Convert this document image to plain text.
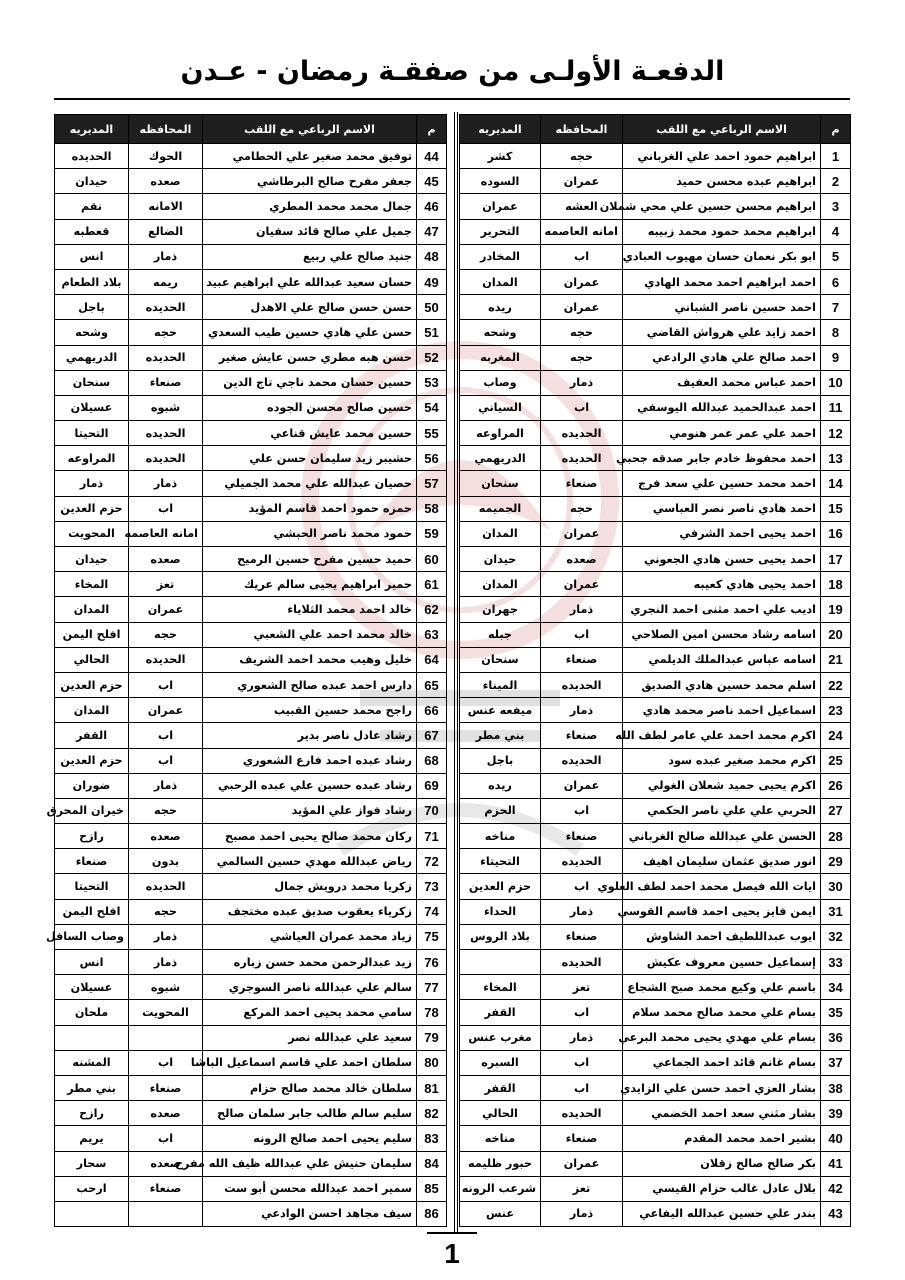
الدفعـة الأولـى من صفقـة رمضان - عـدن
م	الاسم الرباعي مع اللقب	المحافظه	المديريه
1	ابراهيم حمود احمد علي الغرباني	حجه	كشر
2	ابراهيم عبده محسن حميد	عمران	السوده
3	ابراهيم محسن حسين علي محي شملان	العشه	عمران
4	ابراهيم محمد حمود محمد زبيبه	امانه العاصمه	التحرير
5	ابو بكر نعمان حسان مهيوب العبادي	اب	المخادر
6	احمد ابراهيم احمد محمد الهادي	عمران	المدان
7	احمد حسين ناصر الشباني	عمران	ريده
8	احمد زايد علي هرواش القاضي	حجه	وشحه
9	احمد صالح علي هادي الرادعي	حجه	المغربه
10	احمد عباس محمد العفيف	ذمار	وصاب
11	احمد عبدالحميد عبدالله اليوسفي	اب	السياني
12	احمد علي عمر عمر هنومي	الحديده	المراوعه
13	احمد محفوظ خادم جابر صدقه جحبي	الحديده	الدريهمي
14	احمد محمد حسين علي سعد فرج	صنعاء	سنحان
15	احمد هادي ناصر نصر العباسي	حجه	الجميمه
16	احمد يحيى احمد الشرفي	عمران	المدان
17	احمد يحيى حسن هادي الجعوني	صعده	حيدان
18	احمد يحيى هادي كعيبه	عمران	المدان
19	اديب علي احمد مثنى احمد النجري	ذمار	جهران
20	اسامه رشاد محسن امين الصلاحي	اب	جبله
21	اسامه عباس عبدالملك الديلمي	صنعاء	سنحان
22	اسلم محمد حسين هادي الصديق	الحديده	الميناء
23	اسماعيل احمد ناصر محمد هادي	ذمار	ميفعه عنس
24	اكرم محمد احمد علي عامر لطف الله	صنعاء	بني مطر
25	اكرم محمد صغير عبده سود	الحديده	باجل
26	اكرم يحيى حميد شعلان الغولي	عمران	ريده
27	الحربي علي علي ناصر الحكمي	اب	الحزم
28	الحسن علي عبدالله صالح الغرباني	صنعاء	مناخه
29	انور صديق عثمان سليمان اهيف	الحديده	التحيتاء
30	ايات الله فيصل محمد احمد لطف العلوي	اب	حزم العدين
31	ايمن فايز يحيى احمد قاسم القوسي	ذمار	الحداء
32	ايوب عبداللطيف احمد الشاوش	صنعاء	بلاد الروس
33	إسماعيل حسين معروف عكيش	الحديده	
34	باسم علي وكيع محمد صبح الشجاع	تعز	المخاء
35	بسام علي محمد صالح محمد سلام	اب	القفر
36	بسام علي مهدي يحيى محمد البرعي	ذمار	مغرب عنس
37	بسام غانم قائد احمد الجماعي	اب	السبره
38	بشار العزي احمد حسن علي الزايدي	اب	القفر
39	بشار مثني سعد احمد الخضمي	الحديده	الحالي
40	بشير احمد محمد المقدم	صنعاء	مناخه
41	بكر صالح صالح زقلان	عمران	حبور ظليمه
42	بلال عادل غالب حزام القيسي	تعز	شرعب الرونه
43	بندر علي حسين عبدالله اليفاعي	ذمار	عنس
م	الاسم الرباعي مع اللقب	المحافظه	المديريه
44	توفيق محمد صغير علي الحطامي	الحوك	الحديده
45	جعفر مفرح صالح البرطاشي	صعده	حيدان
46	جمال محمد محمد المطري	الامانه	نقم
47	جميل علي صالح قائد سفيان	الضالع	قعطبه
48	جنيد صالح علي ربيع	ذمار	انس
49	حسان سعيد عبدالله علي ابراهيم عبيد	ريمه	بلاد الطعام
50	حسن حسن صالح علي الاهدل	الحديده	باجل
51	حسن علي هادي حسين طيب السعدي	حجه	وشحه
52	حسن هبه مطري حسن عايش صغير	الحديده	الدريهمي
53	حسين حسان محمد ناجي تاج الدين	صنعاء	سنحان
54	حسين صالح محسن الجوده	شبوه	عسيلان
55	حسين محمد عايش قناعي	الحديده	التحيتا
56	حشيبر زيد سليمان حسن علي	الحديده	المراوعه
57	حصيان عبدالله علي محمد الجميلي	ذمار	ذمار
58	حمزه حمود احمد قاسم المؤيد	اب	حزم العدين
59	حمود محمد ناصر الحبشي	امانه العاصمه	المحويت
60	حميد حسين مفرح حسين الرميح	صعده	حيدان
61	حمير ابراهيم يحيى سالم عريك	تعز	المخاء
62	خالد احمد محمد الثلاياء	عمران	المدان
63	خالد محمد احمد علي الشعبي	حجه	افلح اليمن
64	خليل وهيب محمد احمد الشريف	الحديده	الحالي
65	دارس احمد عبده صالح الشعوري	اب	حزم العدين
66	راجح محمد حسين القبيب	عمران	المدان
67	رشاد عادل ناصر بدير	اب	القفر
68	رشاد عبده احمد فارع الشعوري	اب	حزم العدين
69	رشاد عبده حسين علي عبده الرحبي	ذمار	ضوران
70	رشاد فواز علي المؤيد	حجه	خيران المحرق
71	ركان محمد صالح يحيى احمد مصبح	صعده	رازح
72	رياض عبدالله مهدي حسين السالمي	بدون	صنعاء
73	زكريا محمد درويش جمال	الحديده	التحيتا
74	زكرياء يعقوب صديق عبده مختجف	حجه	افلح اليمن
75	زياد محمد عمران العياشي	ذمار	وصاب السافل
76	زيد عبدالرحمن محمد حسن زباره	ذمار	انس
77	سالم علي عبدالله ناصر السوجري	شبوه	عسيلان
78	سامي محمد يحيى احمد المركع	المحويت	ملحان
79	سعيد علي عبدالله نصر		
80	سلطان احمد علي قاسم اسماعيل الباشا	اب	المشنه
81	سلطان خالد محمد صالح حزام	صنعاء	بني مطر
82	سليم سالم طالب جابر سلمان صالح	صعده	رازح
83	سليم يحيى احمد صالح الرونه	اب	يريم
84	سليمان حنيش علي عبدالله ظيف الله مفرح	صعده	سحار
85	سمير احمد عبدالله محسن أبو ست	صنعاء	ارحب
86	سيف مجاهد احسن الوادعي		
1
